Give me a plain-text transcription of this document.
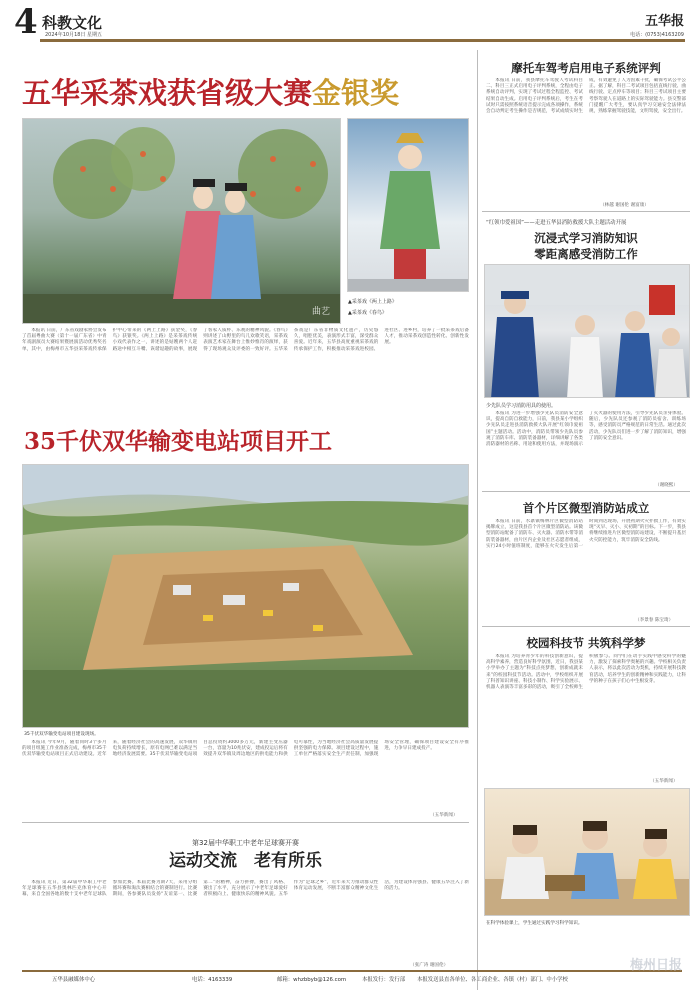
4 科教文化
2024年10月18日 星期五
五华报
电话：(0753)4163209
五华采茶戏获省级大赛金银奖
曲艺
▲采茶戏《两上上路》
▲采茶戏《春鸟》
本报讯 日前，广东省戏剧家协会发布了首届粤曲大赛（第十一届广东省）中青年戏剧演员大赛结果暨展演活动优秀奖名单，其中，由梅州市五华县采茶戏传承保护中心带来的《两上上路》获金奖，《春鸟》获银奖。《两上上路》是采茶戏传统小戏代表作之一，讲述的是姑嫂两个人赶路途中相互斗嘴、诙谐逗趣的故事，展现了客家人质朴、乐观的精神风貌。《春鸟》则讲述了山野里的鸟儿欢歌笑语，采茶戏表演艺术家在舞台上惟妙惟肖的演绎，获得了现场观众及评委的一致好评。五华采茶戏是广东省非物质文化遗产，历史悠久，唱腔优美，表演形式丰富，深受群众喜爱。近年来，五华县高度重视采茶戏的传承保护工作，积极推动采茶戏进校园、进社区、进乡村，培养了一批采茶戏后备人才，推动采茶戏创造性转化、创新性发展。
摩托车驾考启用电子系统评判
本报讯 日前，我县摩托车驾驶人考试科目二、科目三正式启用电子评判系统，全程由电子系统自动评判，实现了考试过程全程监控、考试结果自动生成。启用电子评判系统后，考生在考试时只需按照系统语音提示完成各项操作，系统会自动判定考生操作是否规范，考试成绩实时生成，有效避免了人为因素干扰，确保考试公平公正。据了解，科目二考试项目包括直线行驶、曲线行驶、定点停车等项目；科目三考试项目主要考察驾驶人在道路上的实际驾驶能力。县交警部门提醒广大考生，要认真学习交通安全法律法规，熟练掌握驾驶技能，文明驾驶，安全出行。
（林越 谢国伦 谢富康）
“红领巾爱祖国”——走进五华县消防救援大队主题活动开展
沉浸式学习消防知识
零距离感受消防工作
少先队员学习消防用具的使用。
本报讯 为进一步增强少先队员消防安全意识，提高自防自救能力，日前，我县某小学组织少先队员走进县消防救援大队开展“红领巾爱祖国”主题活动。活动中，消防员带领少先队员参观了消防车库、消防装备器材，详细讲解了各类消防器材的名称、用途和使用方法，并现场演示了灭火器的使用方法，引导少先队员亲身体验。随后，少先队员还参观了消防员宿舍、训练场等，感受消防员严格规范的日常生活。通过此次活动，少先队员们进一步了解了消防知识，增强了消防安全意识。
（谢晓熙）
首个片区微型消防站成立
本报讯 日前，水寨镇梅林片区微型消防站揭牌成立，这是我县首个片区微型消防站。该微型消防站配备了消防车、灭火器、消防水带等消防装备器材，由片区内企业及社区志愿者组成，实行24小时值班制度，能够在火灾发生后第一时间到达现场，开展初期火灾扑救工作，有效实现“灭早、灭小、灭初期”的目标。下一步，我县将继续推进片区微型消防站建设，不断提升基层火灾防控能力，筑牢消防安全防线。
（李景春 陈宝琦）
校园科技节 共筑科学梦
本报讯 为培养青少年的科技创新意识，提高科学素养，营造良好科学氛围，近日，我县某小学举办了主题为“科技点亮梦想，创新成就未来”的校园科技节活动。活动中，学校组织开展了科普知识讲座、科技小制作、科学实验展示、机器人表演等丰富多彩的活动，吸引了全校师生积极参与。同学们在动手实践中感受科学的魅力，激发了探索科学奥秘的兴趣。学校相关负责人表示，将以此次活动为契机，持续开展科技教育活动，培养学生的创新精神和实践能力，让科学的种子在孩子们心中生根发芽。
（五华新闻）
在科学体验课上，学生通过实践学习科学知识。
35千伏双华输变电站项目开工
35千伏双华输变电站项目建设现场。
本报讯 今年9月，随着同时3个多月的项目组施工作业准备完成，梅州市35千伏双华输变电站项目正式启动建设。近年来，随着经济社会的高速发展，双华镇用电负荷持续增长，原有电网已难以满足当地经济发展需要。35千伏双华输变电站项目总投资约3000多万元，新建主变压器一台，容量为10兆伏安，建成投运后将有效提升双华镇及周边地区的供电能力和供电可靠性，为当地经济社会高质量发展提供坚强的电力保障。项目建设过程中，施工单位严格落实安全生产责任制，加强现场安全管理，确保项目建设安全有序推进，力争早日建成投产。
（五华新闻）
第32届中华职工中老年足球赛开赛
运动交流　老有所乐
本报讯 近日，第32届中华职工中老年足球赛在五华县奥林匹克体育中心开幕，来自全国各地的数十支中老年足球队参加比赛。本届比赛为期7天，采用分组循环赛和淘汰赛相结合的赛制进行。比赛期间，各参赛队员发扬“友谊第一、比赛第二”的精神，奋力拼搏，赛出了风格、赛出了水平，充分展示了中老年足球爱好者积极向上、健康快乐的精神风貌。五华作为“足球之乡”，近年来大力推动群众性体育运动发展，不断丰富群众精神文化生活，为建设体育强县、健康五华注入了新的活力。
（张广涛 谢国伦）
五华县融媒体中心	电话：4163339	邮箱：whzbbyb@126.com	本报发行：发行部 本报发送县直各单位、各工商企业、各镇（村）部门、中小学校
梅州日报
